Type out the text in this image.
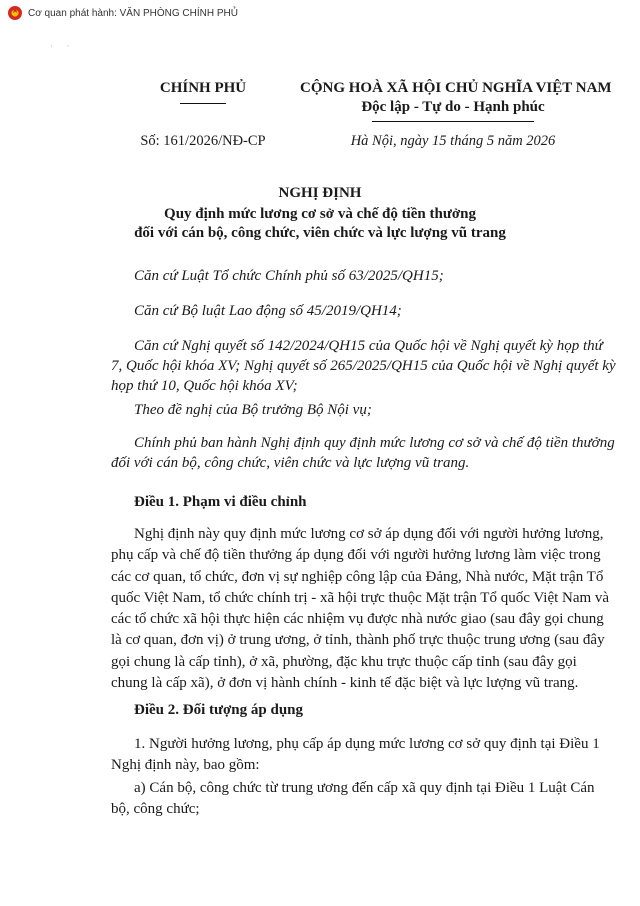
★
Cơ quan phát hành: VĂN PHÒNG CHÍNH PHỦ
· ·
CHÍNH PHỦ
Số: 161/2026/NĐ-CP
CỘNG HOÀ XÃ HỘI CHỦ NGHĨA VIỆT NAM
Độc lập - Tự do - Hạnh phúc
Hà Nội, ngày 15 tháng 5 năm 2026
NGHỊ ĐỊNH
Quy định mức lương cơ sở và chế độ tiền thưởng
đối với cán bộ, công chức, viên chức và lực lượng vũ trang

Căn cứ Luật Tổ chức Chính phủ số 63/2025/QH15;

Căn cứ Bộ luật Lao động số 45/2019/QH14;

Căn cứ Nghị quyết số 142/2024/QH15 của Quốc hội về Nghị quyết kỳ họp thứ 7, Quốc hội khóa XV; Nghị quyết số 265/2025/QH15 của Quốc hội về Nghị quyết kỳ họp thứ 10, Quốc hội khóa XV;

Theo đề nghị của Bộ trưởng Bộ Nội vụ;

Chính phủ ban hành Nghị định quy định mức lương cơ sở và chế độ tiền thưởng đối với cán bộ, công chức, viên chức và lực lượng vũ trang.

Điều 1. Phạm vi điều chỉnh

Nghị định này quy định mức lương cơ sở áp dụng đối với người hưởng lương, phụ cấp và chế độ tiền thưởng áp dụng đối với người hưởng lương làm việc trong các cơ quan, tổ chức, đơn vị sự nghiệp công lập của Đảng, Nhà nước, Mặt trận Tổ quốc Việt Nam, tổ chức chính trị - xã hội trực thuộc Mặt trận Tổ quốc Việt Nam và các tổ chức xã hội thực hiện các nhiệm vụ được nhà nước giao (sau đây gọi chung là cơ quan, đơn vị) ở trung ương, ở tỉnh, thành phố trực thuộc trung ương (sau đây gọi chung là cấp tỉnh), ở xã, phường, đặc khu trực thuộc cấp tỉnh (sau đây gọi chung là cấp xã), ở đơn vị hành chính - kinh tế đặc biệt và lực lượng vũ trang.

Điều 2. Đối tượng áp dụng

1. Người hưởng lương, phụ cấp áp dụng mức lương cơ sở quy định tại Điều 1 Nghị định này, bao gồm:

a) Cán bộ, công chức từ trung ương đến cấp xã quy định tại Điều 1 Luật Cán bộ, công chức;
